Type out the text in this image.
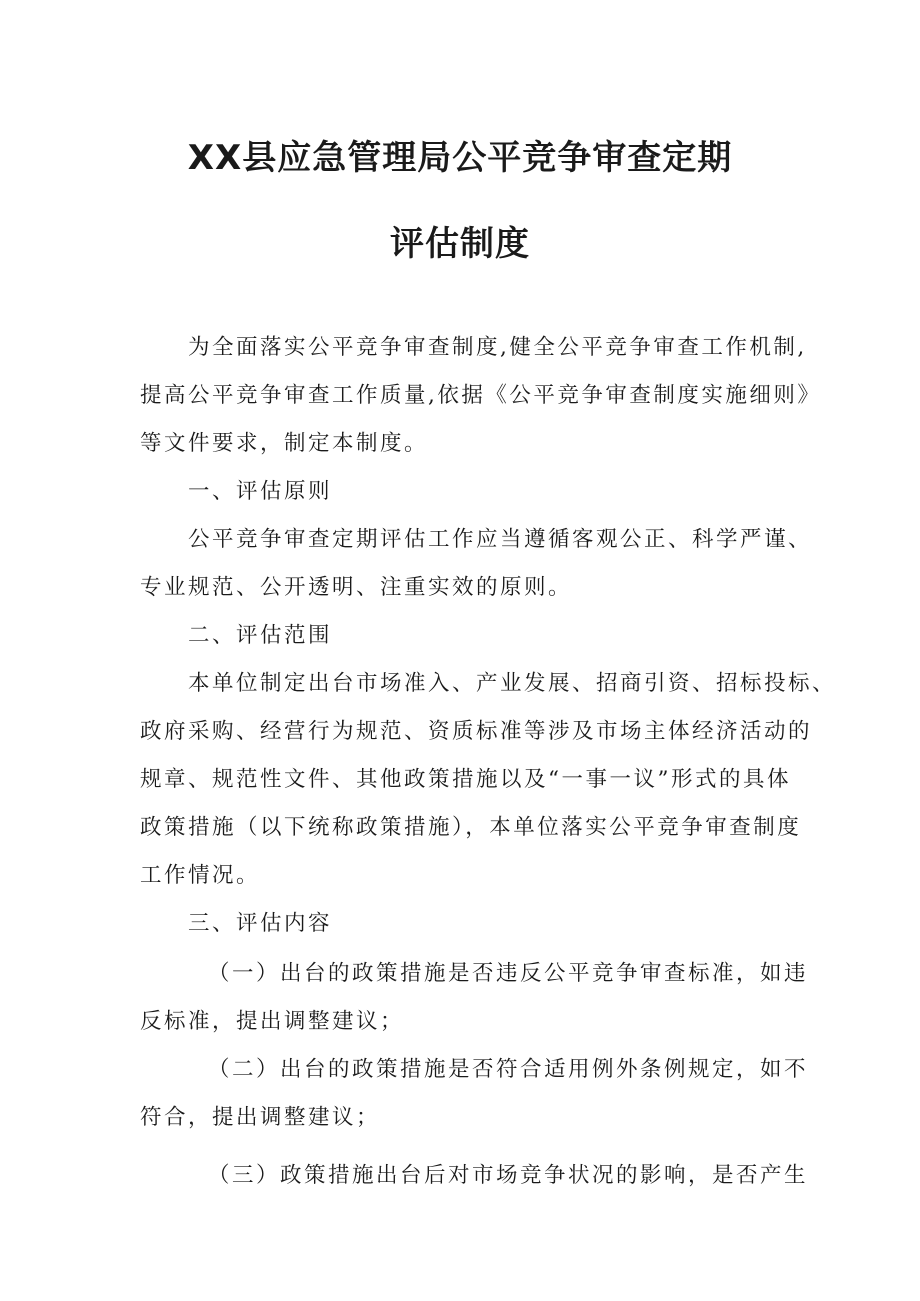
XX县应急管理局公平竞争审查定期
评估制度
为全面落实公平竞争审查制度,健全公平竞争审查工作机制,
提高公平竞争审查工作质量,依据《公平竞争审查制度实施细则》
等文件要求，制定本制度。
一、评估原则
公平竞争审查定期评估工作应当遵循客观公正、科学严谨、
专业规范、公开透明、注重实效的原则。
二、评估范围
本单位制定出台市场准入、产业发展、招商引资、招标投标、
政府采购、经营行为规范、资质标准等涉及市场主体经济活动的
规章、规范性文件、其他政策措施以及“一事一议”形式的具体
政策措施（以下统称政策措施），本单位落实公平竞争审查制度
工作情况。
三、评估内容
（一）出台的政策措施是否违反公平竞争审查标准，如违
反标准，提出调整建议；
（二）出台的政策措施是否符合适用例外条例规定，如不
符合，提出调整建议；
（三）政策措施出台后对市场竞争状况的影响，是否产生
